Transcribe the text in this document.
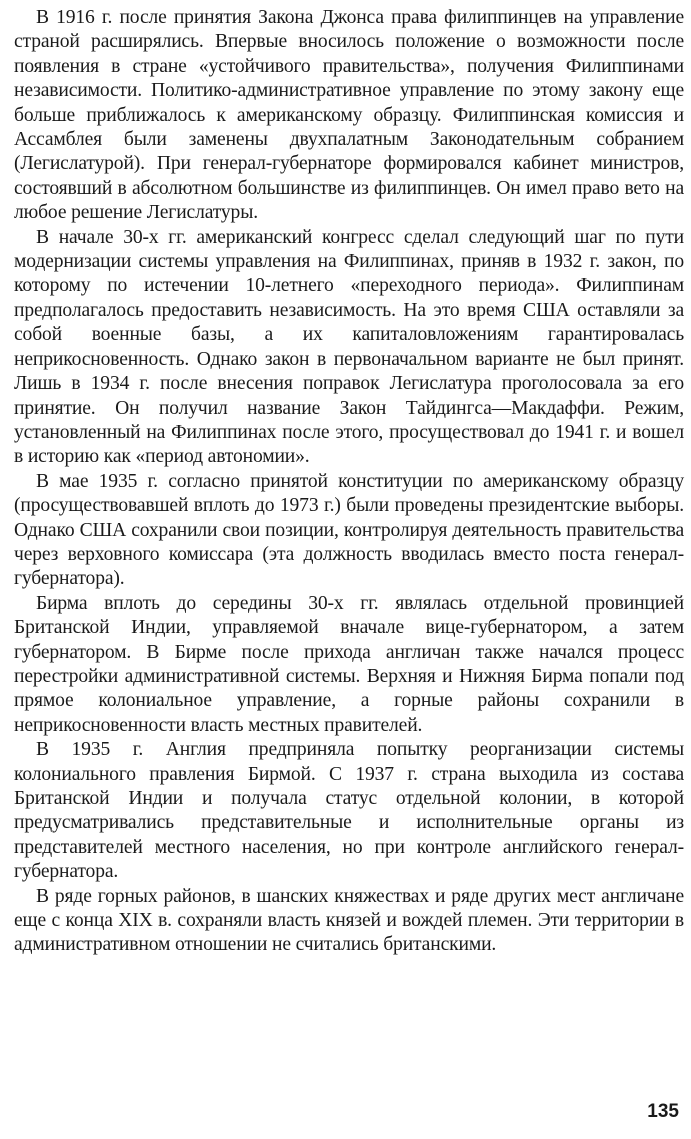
В 1916 г. после принятия Закона Джонса права филиппинцев на управление страной расширялись. Впервые вносилось положение о возможности после появления в стране «устойчивого правительства», получения Филиппинами независимости. Политико-административное управление по этому закону еще больше приближалось к американскому образцу. Филиппинская комиссия и Ассамблея были заменены двухпалатным Законодательным собранием (Легислатурой). При генерал-губернаторе формировался кабинет министров, состоявший в абсолютном большинстве из филиппинцев. Он имел право вето на любое решение Легислатуры.

В начале 30-х гг. американский конгресс сделал следующий шаг по пути модернизации системы управления на Филиппинах, приняв в 1932 г. закон, по которому по истечении 10-летнего «переходного периода». Филиппинам предполагалось предоставить независимость. На это время США оставляли за собой военные базы, а их капиталовложениям гарантировалась неприкосновенность. Однако закон в первоначальном варианте не был принят. Лишь в 1934 г. после внесения поправок Легислатура проголосовала за его принятие. Он получил название Закон Тайдингса—Макдаффи. Режим, установленный на Филиппинах после этого, просуществовал до 1941 г. и вошел в историю как «период автономии».

В мае 1935 г. согласно принятой конституции по американскому образцу (просуществовавшей вплоть до 1973 г.) были проведены президентские выборы. Однако США сохранили свои позиции, контролируя деятельность правительства через верховного комиссара (эта должность вводилась вместо поста генерал-губернатора).

Бирма вплоть до середины 30-х гг. являлась отдельной провинцией Британской Индии, управляемой вначале вице-губернатором, а затем губернатором. В Бирме после прихода англичан также начался процесс перестройки административной системы. Верхняя и Нижняя Бирма попали под прямое колониальное управление, а горные районы сохранили в неприкосновенности власть местных правителей.

В 1935 г. Англия предприняла попытку реорганизации системы колониального правления Бирмой. С 1937 г. страна выходила из состава Британской Индии и получала статус отдельной колонии, в которой предусматривались представительные и исполнительные органы из представителей местного населения, но при контроле английского генерал-губернатора.

В ряде горных районов, в шанских княжествах и ряде других мест англичане еще с конца XIX в. сохраняли власть князей и вождей племен. Эти территории в административном отношении не считались британскими.

135
